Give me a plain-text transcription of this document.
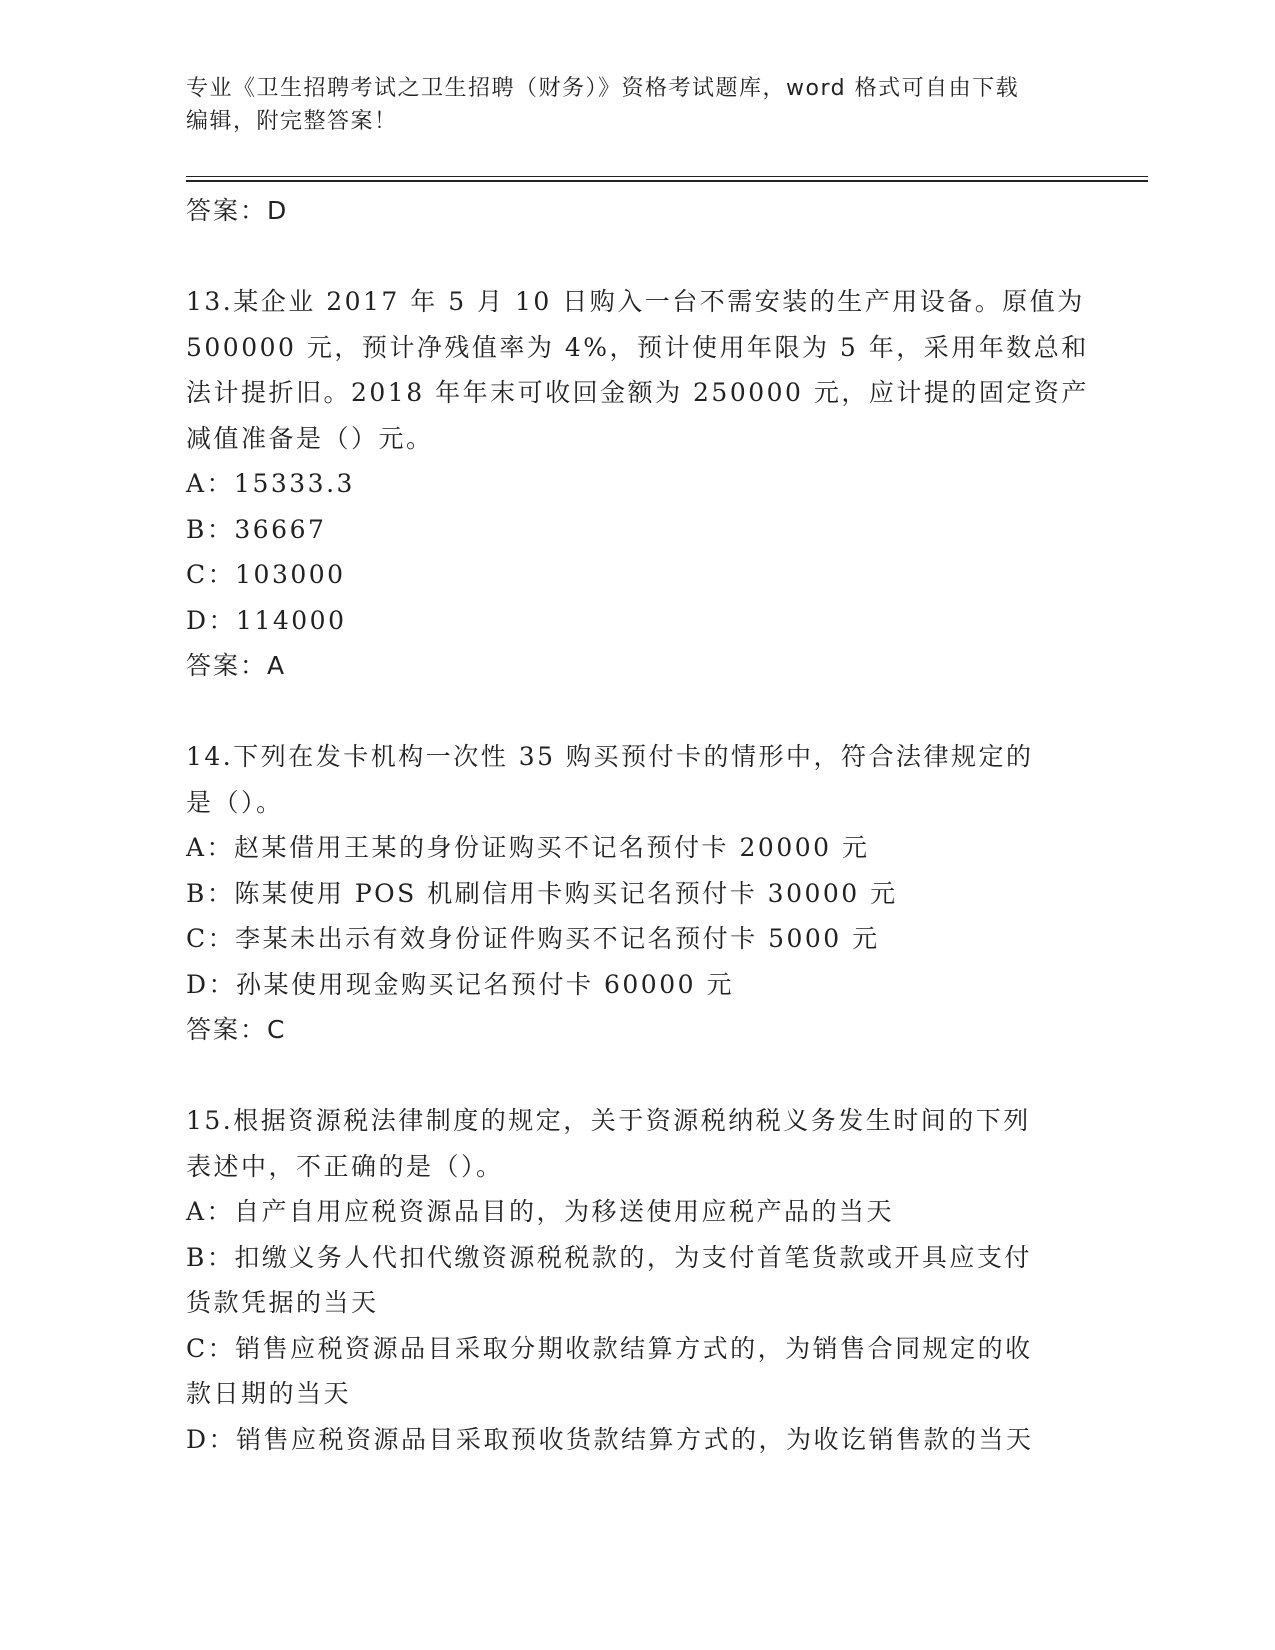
专业《卫生招聘考试之卫生招聘（财务）》资格考试题库，word 格式可自由下载
编辑，附完整答案！
答案：D
13.某企业 2017 年 5 月 10 日购入一台不需安装的生产用设备。原值为
500000 元，预计净残值率为 4%，预计使用年限为 5 年，采用年数总和
法计提折旧。2018 年年末可收回金额为 250000 元，应计提的固定资产
减值准备是（）元。
A：15333.3
B：36667
C：103000
D：114000
答案：A
14.下列在发卡机构一次性 35 购买预付卡的情形中，符合法律规定的
是（）。
A：赵某借用王某的身份证购买不记名预付卡 20000 元
B：陈某使用 POS 机刷信用卡购买记名预付卡 30000 元
C：李某未出示有效身份证件购买不记名预付卡 5000 元
D：孙某使用现金购买记名预付卡 60000 元
答案：C
15.根据资源税法律制度的规定，关于资源税纳税义务发生时间的下列
表述中，不正确的是（）。
A：自产自用应税资源品目的，为移送使用应税产品的当天
B：扣缴义务人代扣代缴资源税税款的，为支付首笔货款或开具应支付
货款凭据的当天
C：销售应税资源品目采取分期收款结算方式的，为销售合同规定的收
款日期的当天
D：销售应税资源品目采取预收货款结算方式的，为收讫销售款的当天
